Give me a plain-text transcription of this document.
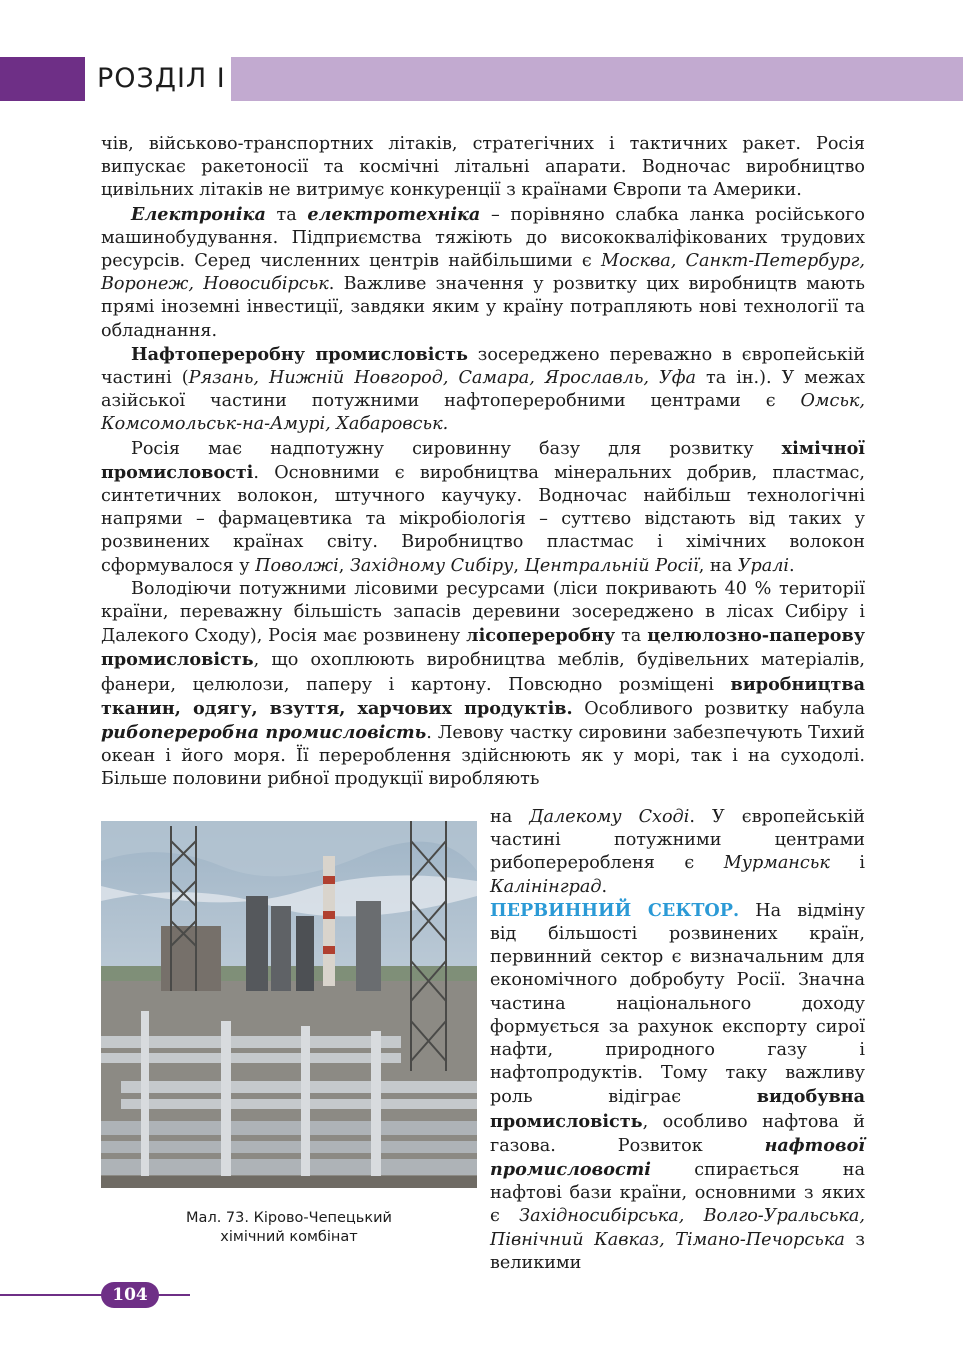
РОЗДІЛ І

чів, військово-транспортних літаків, стратегічних і тактичних ракет. Росія випускає ракетоносії та космічні літальні апарати. Водночас виробництво цивільних літаків не витримує конкуренції з країнами Європи та Америки.

Електроніка та електротехніка – порівняно слабка ланка російського машинобудування. Підприємства тяжіють до висококваліфікованих трудових ресурсів. Серед численних центрів найбільшими є Москва, Санкт-Петербург, Воронеж, Новосибірськ. Важливе значення у розвитку цих виробництв мають прямі іноземні інвестиції, завдяки яким у країну потрапляють нові технології та обладнання.

Нафтопереробну промисловість зосереджено переважно в європейській частині (Рязань, Нижній Новгород, Самара, Ярославль, Уфа та ін.). У межах азійської частини потужними нафтопереробними центрами є Омськ, Комсомольськ-на-Амурі, Хабаровськ.

Росія має надпотужну сировинну базу для розвитку хімічної промисловості. Основними є виробництва мінеральних добрив, пластмас, синтетичних волокон, штучного каучуку. Водночас найбільш технологічні напрями – фармацевтика та мікробіологія – суттєво відстають від таких у розвинених країнах світу. Виробництво пластмас і хімічних волокон сформувалося у Поволжі, Західному Сибіру, Центральній Росії, на Уралі.

Володіючи потужними лісовими ресурсами (ліси покривають 40 % території країни, переважну більшість запасів деревини зосереджено в лісах Сибіру і Далекого Сходу), Росія має розвинену лісопереробну та целюлозно-паперову промисловість, що охоплюють виробництва меблів, будівельних матеріалів, фанери, целюлози, паперу і картону. Повсюдно розміщені виробництва тканин, одягу, взуття, харчових продуктів. Особливого розвитку набула рибопереробна промисловість. Левову частку сировини забезпечують Тихий океан і його моря. Її перероблення здійснюють як у морі, так і на суходолі. Більше половини рибної продукції виробляють

на Далекому Сході. У європейській частині потужними центрами рибопереробленя є Мурманськ і Калінінград.

ПЕРВИННИЙ СЕКТОР. На відміну від більшості розвинених країн, первинний сектор є визначальним для економічного добробуту Росії. Значна частина національного доходу формується за рахунок експорту сирої нафти, природного газу і нафтопродуктів. Тому таку важливу роль відіграє видобувна промисловість, особливо нафтова й газова. Розвиток нафтової промисловості спирається на нафтові бази країни, основними з яких є Західносибірська, Волго-Уральська, Північний Кавказ, Тімано-Печорська з великими

Мал. 73. Кірово-Чепецький
хімічний комбінат
104
